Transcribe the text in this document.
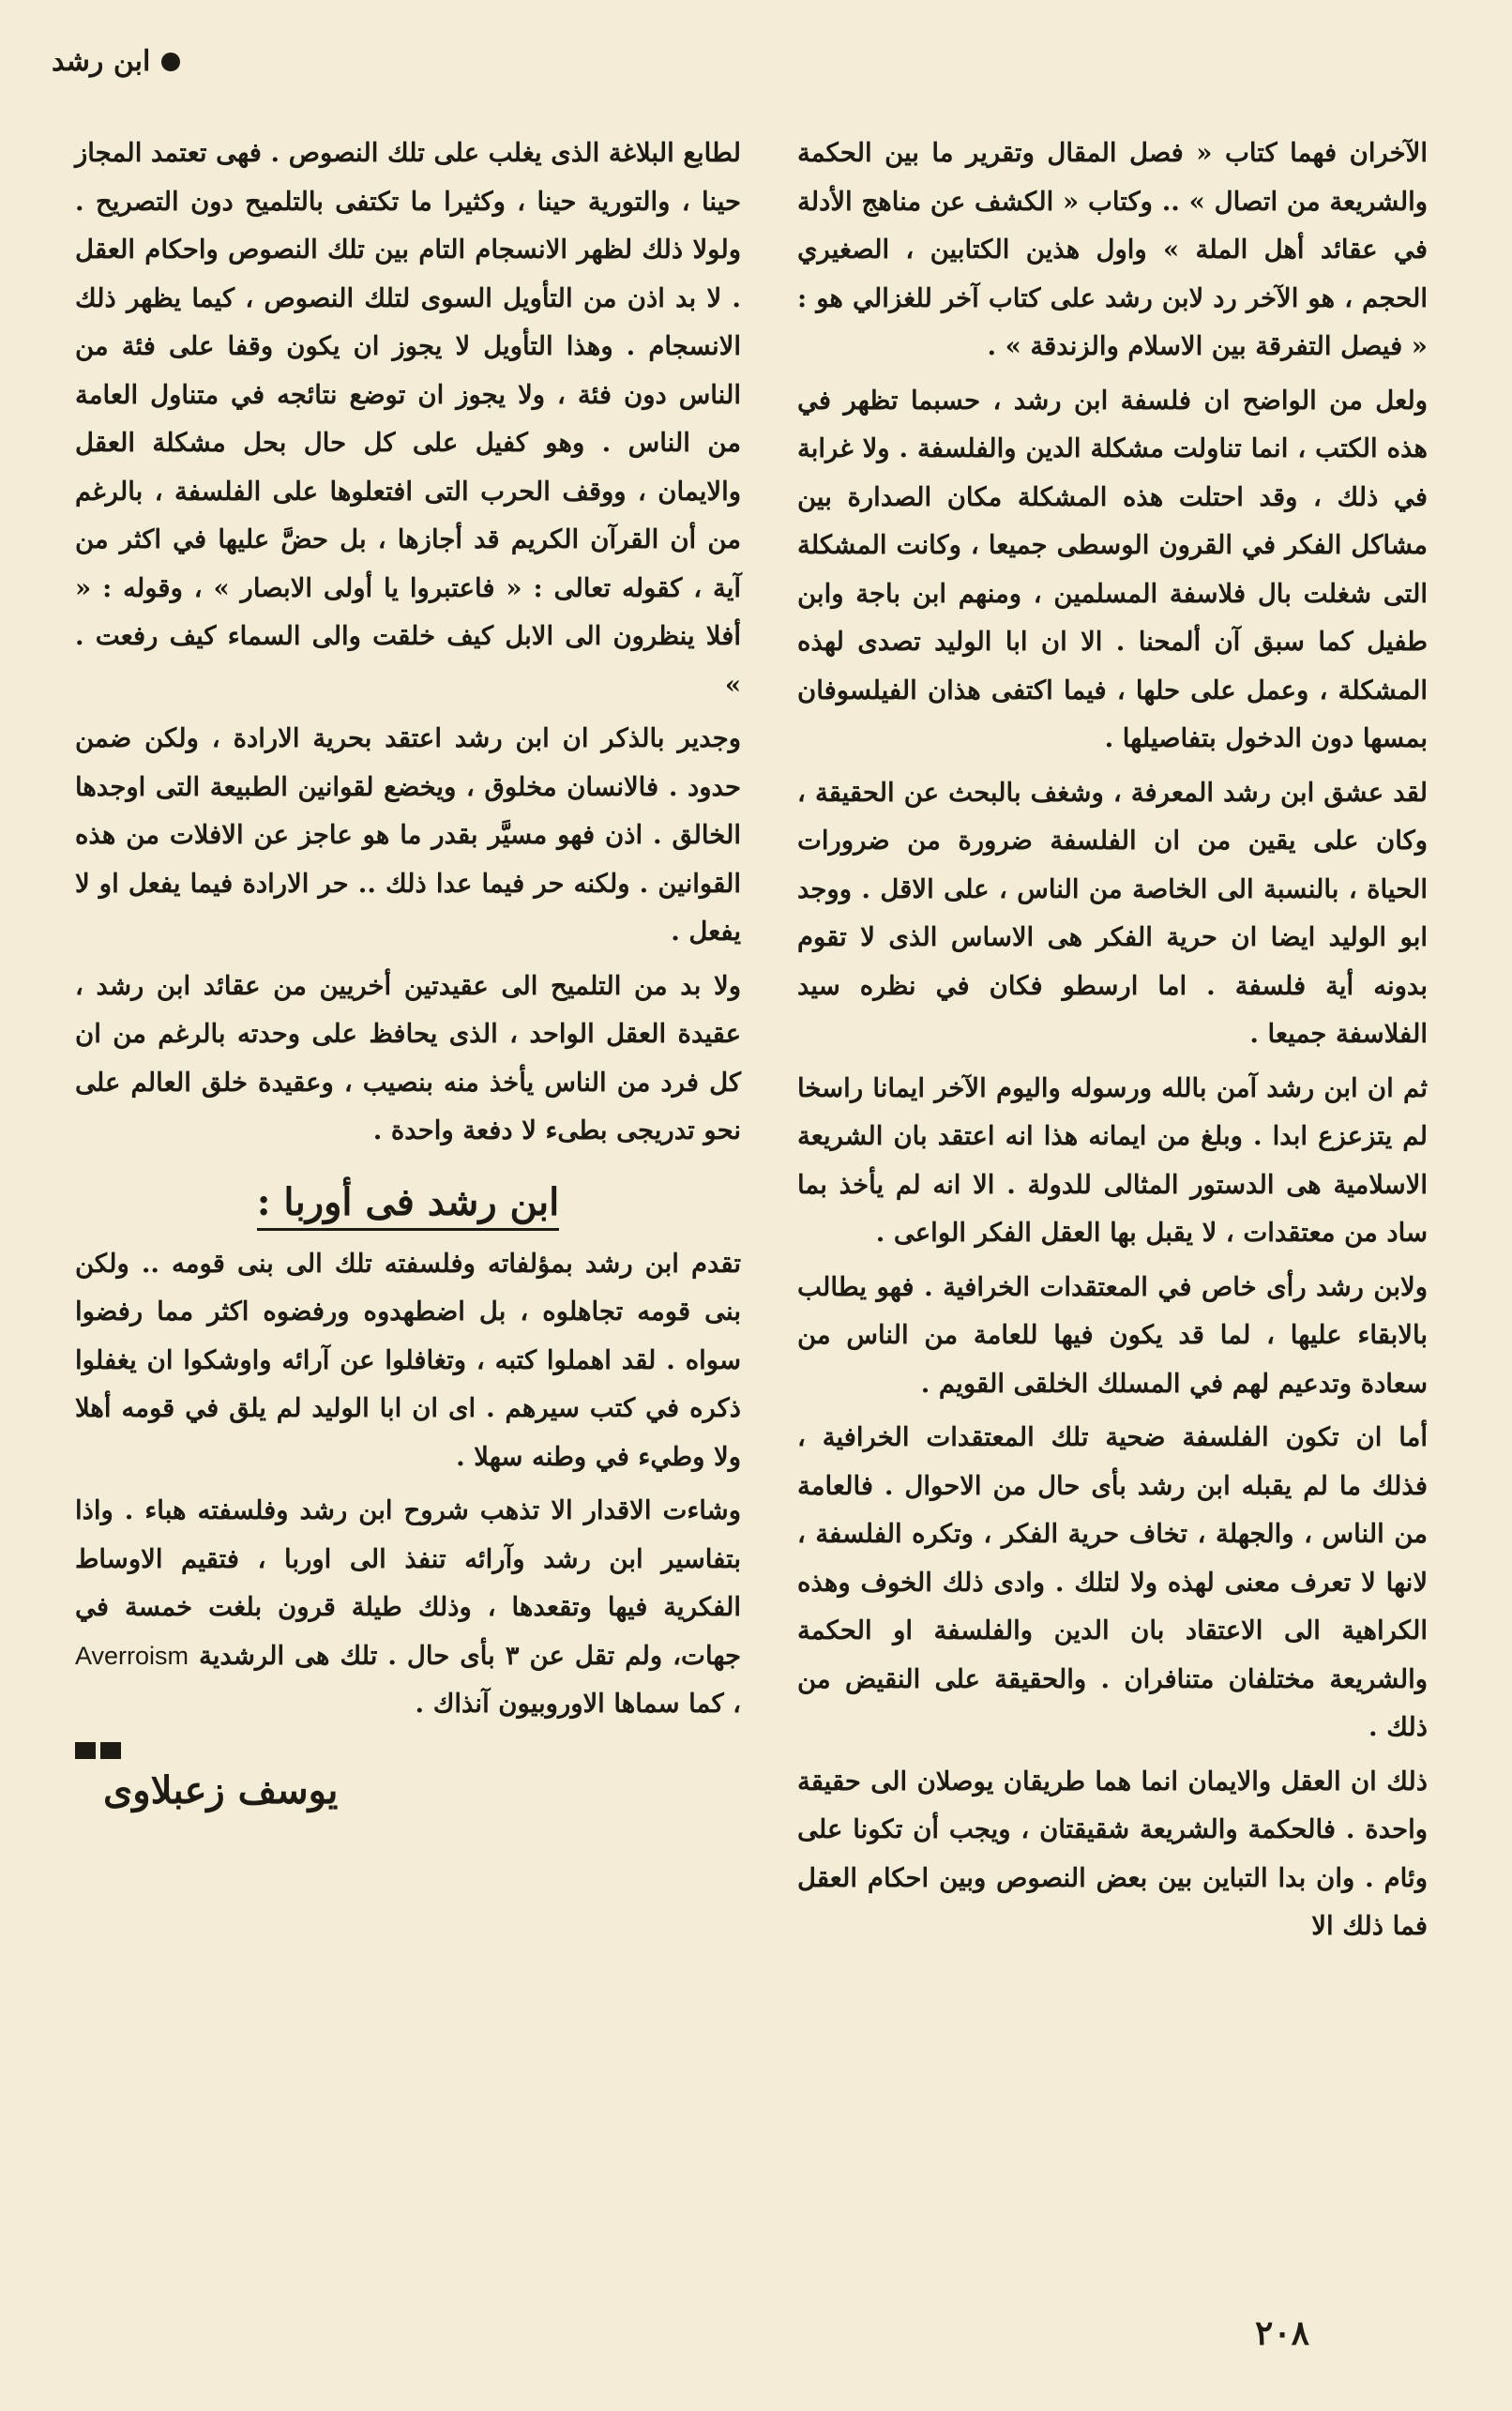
ابن رشد

الآخران فهما كتاب « فصل المقال وتقرير ما بين الحكمة والشريعة من اتصال » .. وكتاب « الكشف عن مناهج الأدلة في عقائد أهل الملة » واول هذين الكتابين ، الصغيري الحجم ، هو الآخر رد لابن رشد على كتاب آخر للغزالي هو : « فيصل التفرقة بين الاسلام والزندقة » .

ولعل من الواضح ان فلسفة ابن رشد ، حسبما تظهر في هذه الكتب ، انما تناولت مشكلة الدين والفلسفة . ولا غرابة في ذلك ، وقد احتلت هذه المشكلة مكان الصدارة بين مشاكل الفكر في القرون الوسطى جميعا ، وكانت المشكلة التى شغلت بال فلاسفة المسلمين ، ومنهم ابن باجة وابن طفيل كما سبق آن ألمحنا . الا ان ابا الوليد تصدى لهذه المشكلة ، وعمل على حلها ، فيما اكتفى هذان الفيلسوفان بمسها دون الدخول بتفاصيلها .

لقد عشق ابن رشد المعرفة ، وشغف بالبحث عن الحقيقة ، وكان على يقين من ان الفلسفة ضرورة من ضرورات الحياة ، بالنسبة الى الخاصة من الناس ، على الاقل . ووجد ابو الوليد ايضا ان حرية الفكر هى الاساس الذى لا تقوم بدونه أية فلسفة . اما ارسطو فكان في نظره سيد الفلاسفة جميعا .

ثم ان ابن رشد آمن بالله ورسوله واليوم الآخر ايمانا راسخا لم يتزعزع ابدا . وبلغ من ايمانه هذا انه اعتقد بان الشريعة الاسلامية هى الدستور المثالى للدولة . الا انه لم يأخذ بما ساد من معتقدات ، لا يقبل بها العقل الفكر الواعى .

ولابن رشد رأى خاص في المعتقدات الخرافية . فهو يطالب بالابقاء عليها ، لما قد يكون فيها للعامة من الناس من سعادة وتدعيم لهم في المسلك الخلقى القويم .

أما ان تكون الفلسفة ضحية تلك المعتقدات الخرافية ، فذلك ما لم يقبله ابن رشد بأى حال من الاحوال . فالعامة من الناس ، والجهلة ، تخاف حرية الفكر ، وتكره الفلسفة ، لانها لا تعرف معنى لهذه ولا لتلك . وادى ذلك الخوف وهذه الكراهية الى الاعتقاد بان الدين والفلسفة او الحكمة والشريعة مختلفان متنافران . والحقيقة على النقيض من ذلك .

ذلك ان العقل والايمان انما هما طريقان يوصلان الى حقيقة واحدة . فالحكمة والشريعة شقيقتان ، ويجب أن تكونا على وئام . وان بدا التباين بين بعض النصوص وبين احكام العقل فما ذلك الا

لطابع البلاغة الذى يغلب على تلك النصوص . فهى تعتمد المجاز حينا ، والتورية حينا ، وكثيرا ما تكتفى بالتلميح دون التصريح . ولولا ذلك لظهر الانسجام التام بين تلك النصوص واحكام العقل . لا بد اذن من التأويل السوى لتلك النصوص ، كيما يظهر ذلك الانسجام . وهذا التأويل لا يجوز ان يكون وقفا على فئة من الناس دون فئة ، ولا يجوز ان توضع نتائجه في متناول العامة من الناس . وهو كفيل على كل حال بحل مشكلة العقل والايمان ، ووقف الحرب التى افتعلوها على الفلسفة ، بالرغم من أن القرآن الكريم قد أجازها ، بل حضَّ عليها في اكثر من آية ، كقوله تعالى : « فاعتبروا يا أولى الابصار » ، وقوله : « أفلا ينظرون الى الابل كيف خلقت والى السماء كيف رفعت . »

وجدير بالذكر ان ابن رشد اعتقد بحرية الارادة ، ولكن ضمن حدود . فالانسان مخلوق ، ويخضع لقوانين الطبيعة التى اوجدها الخالق . اذن فهو مسيَّر بقدر ما هو عاجز عن الافلات من هذه القوانين . ولكنه حر فيما عدا ذلك .. حر الارادة فيما يفعل او لا يفعل .

ولا بد من التلميح الى عقيدتين أخريين من عقائد ابن رشد ، عقيدة العقل الواحد ، الذى يحافظ على وحدته بالرغم من ان كل فرد من الناس يأخذ منه بنصيب ، وعقيدة خلق العالم على نحو تدريجى بطىء لا دفعة واحدة .

ابن رشد فى أوربا :

تقدم ابن رشد بمؤلفاته وفلسفته تلك الى بنى قومه .. ولكن بنى قومه تجاهلوه ، بل اضطهدوه ورفضوه اكثر مما رفضوا سواه . لقد اهملوا كتبه ، وتغافلوا عن آرائه واوشكوا ان يغفلوا ذكره في كتب سيرهم . اى ان ابا الوليد لم يلق في قومه أهلا ولا وطيء في وطنه سهلا .

وشاءت الاقدار الا تذهب شروح ابن رشد وفلسفته هباء . واذا بتفاسير ابن رشد وآرائه تنفذ الى اوربا ، فتقيم الاوساط الفكرية فيها وتقعدها ، وذلك طيلة قرون بلغت خمسة في جهات، ولم تقل عن ٣ بأى حال . تلك هى الرشدية Averroism ، كما سماها الاوروبيون آنذاك .

يوسف زعبلاوى
٢٠٨
